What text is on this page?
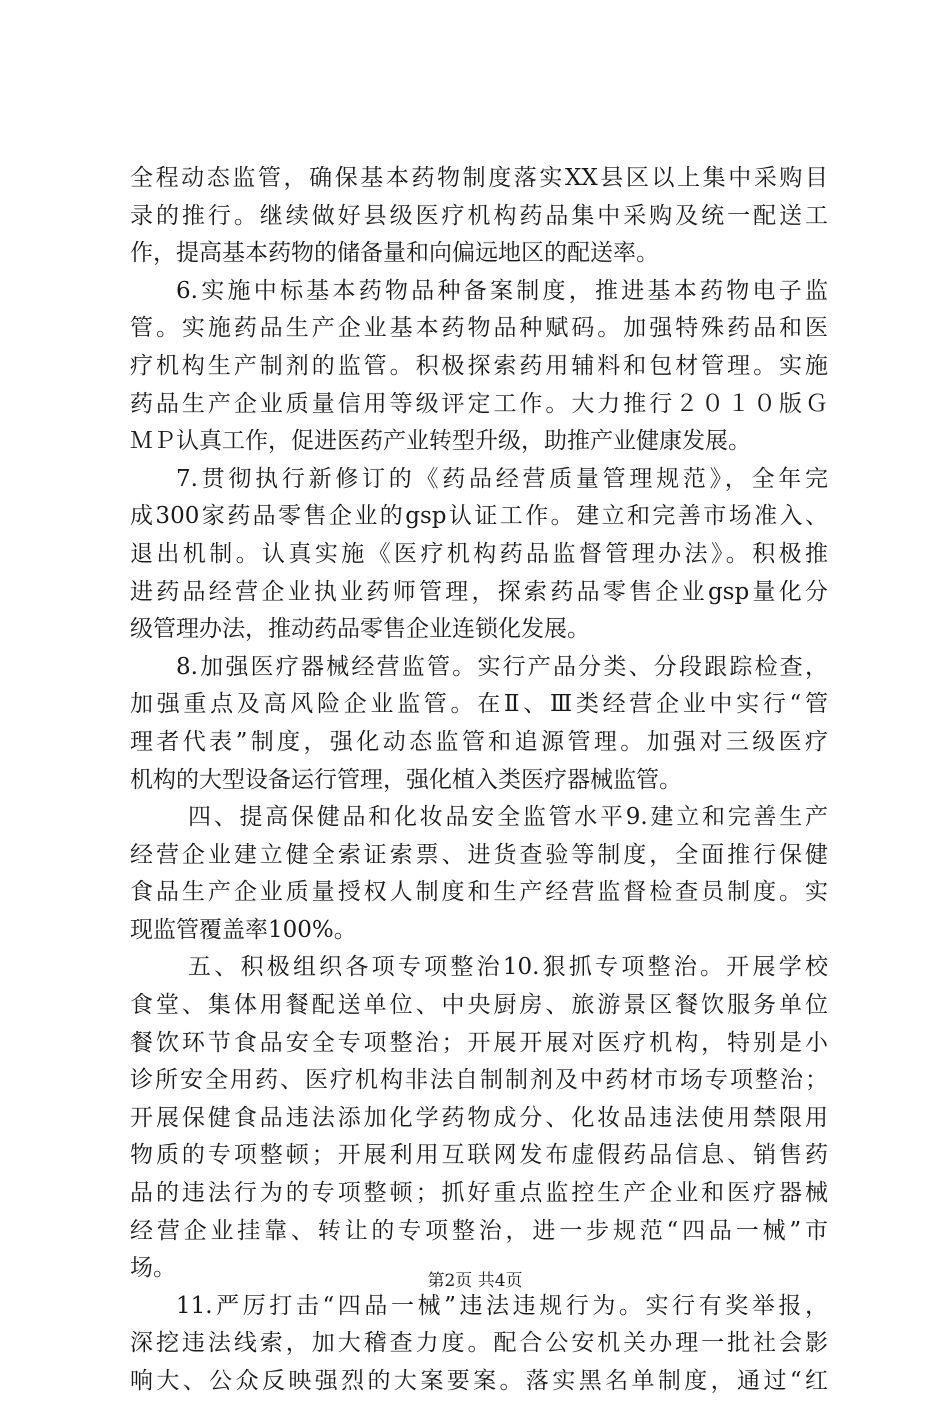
全程动态监管，确保基本药物制度落实XX县区以上集中采购目
录的推行。继续做好县级医疗机构药品集中采购及统一配送工
作，提高基本药物的储备量和向偏远地区的配送率。
6.实施中标基本药物品种备案制度，推进基本药物电子监
管。实施药品生产企业基本药物品种赋码。加强特殊药品和医
疗机构生产制剂的监管。积极探索药用辅料和包材管理。实施
药品生产企业质量信用等级评定工作。大力推行２０１０版Ｇ
ＭＰ认真工作，促进医药产业转型升级，助推产业健康发展。
7.贯彻执行新修订的《药品经营质量管理规范》，全年完
成300家药品零售企业的gsp认证工作。建立和完善市场准入、
退出机制。认真实施《医疗机构药品监督管理办法》。积极推
进药品经营企业执业药师管理，探索药品零售企业gsp量化分
级管理办法，推动药品零售企业连锁化发展。
8.加强医疗器械经营监管。实行产品分类、分段跟踪检查，
加强重点及高风险企业监管。在Ⅱ、Ⅲ类经营企业中实行“管
理者代表”制度，强化动态监管和追源管理。加强对三级医疗
机构的大型设备运行管理，强化植入类医疗器械监管。
四、提高保健品和化妆品安全监管水平9.建立和完善生产
经营企业建立健全索证索票、进货查验等制度，全面推行保健
食品生产企业质量授权人制度和生产经营监督检查员制度。实
现监管覆盖率100%。
五、积极组织各项专项整治10.狠抓专项整治。开展学校
食堂、集体用餐配送单位、中央厨房、旅游景区餐饮服务单位
餐饮环节食品安全专项整治；开展开展对医疗机构，特别是小
诊所安全用药、医疗机构非法自制制剂及中药材市场专项整治；
开展保健食品违法添加化学药物成分、化妆品违法使用禁限用
物质的专项整顿；开展利用互联网发布虚假药品信息、销售药
品的违法行为的专项整顿；抓好重点监控生产企业和医疗器械
经营企业挂靠、转让的专项整治，进一步规范“四品一械”市
场。
11.严厉打击“四品一械”违法违规行为。实行有奖举报，
深挖违法线索，加大稽查力度。配合公安机关办理一批社会影
响大、公众反映强烈的大案要案。落实黑名单制度，通过“红
第2页 共4页
